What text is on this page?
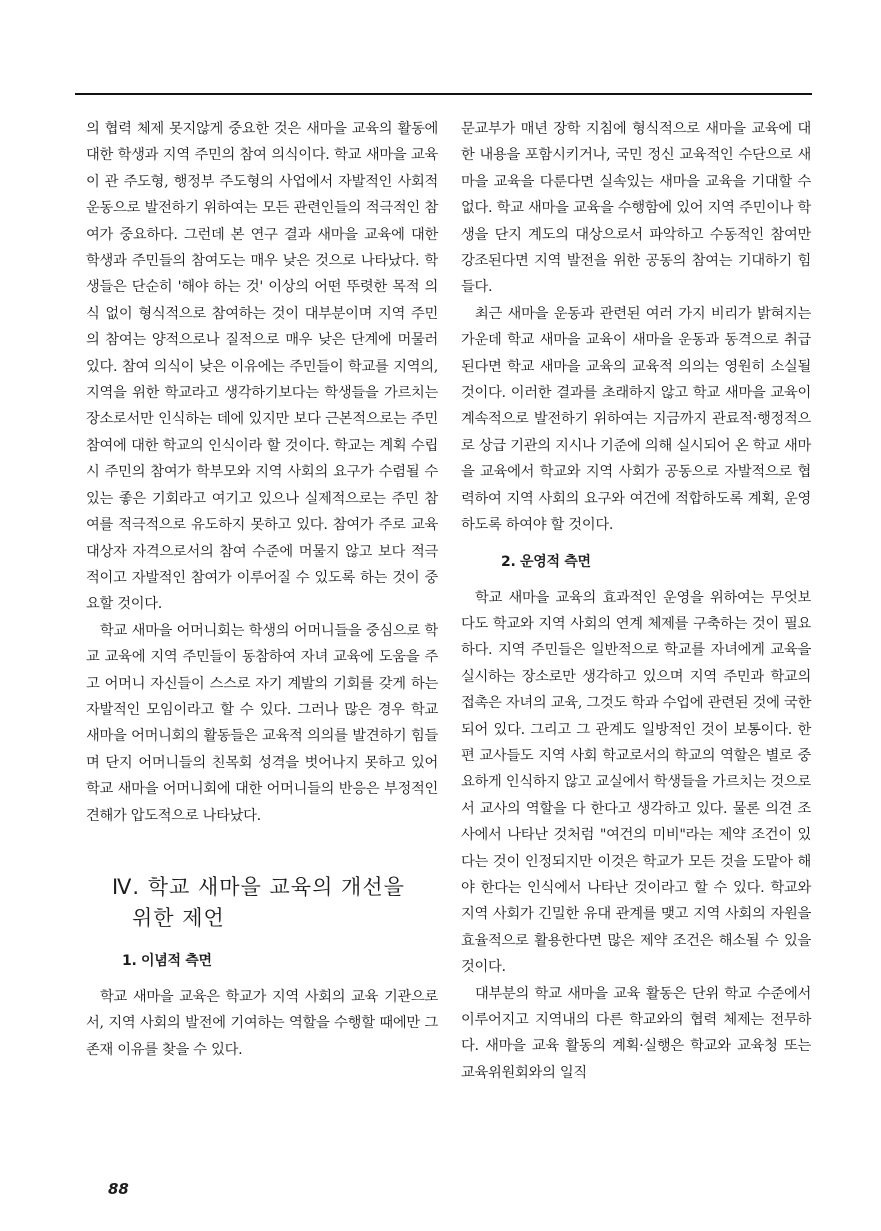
의 협력 체제 못지않게 중요한 것은 새마을 교육의 활동에 대한 학생과 지역 주민의 참여 의식이다. 학교 새마을 교육이 관 주도형, 행정부 주도형의 사업에서 자발적인 사회적 운동으로 발전하기 위하여는 모든 관련인들의 적극적인 참여가 중요하다. 그런데 본 연구 결과 새마을 교육에 대한 학생과 주민들의 참여도는 매우 낮은 것으로 나타났다. 학생들은 단순히 '해야 하는 것' 이상의 어떤 뚜렷한 목적 의식 없이 형식적으로 참여하는 것이 대부분이며 지역 주민의 참여는 양적으로나 질적으로 매우 낮은 단계에 머물러 있다. 참여 의식이 낮은 이유에는 주민들이 학교를 지역의, 지역을 위한 학교라고 생각하기보다는 학생들을 가르치는 장소로서만 인식하는 데에 있지만 보다 근본적으로는 주민 참여에 대한 학교의 인식이라 할 것이다. 학교는 계획 수립시 주민의 참여가 학부모와 지역 사회의 요구가 수렴될 수 있는 좋은 기회라고 여기고 있으나 실제적으로는 주민 참여를 적극적으로 유도하지 못하고 있다. 참여가 주로 교육 대상자 자격으로서의 참여 수준에 머물지 않고 보다 적극적이고 자발적인 참여가 이루어질 수 있도록 하는 것이 중요할 것이다.

학교 새마을 어머니회는 학생의 어머니들을 중심으로 학교 교육에 지역 주민들이 동참하여 자녀 교육에 도움을 주고 어머니 자신들이 스스로 자기 계발의 기회를 갖게 하는 자발적인 모임이라고 할 수 있다. 그러나 많은 경우 학교 새마을 어머니회의 활동들은 교육적 의의를 발견하기 힘들며 단지 어머니들의 친목회 성격을 벗어나지 못하고 있어 학교 새마을 어머니회에 대한 어머니들의 반응은 부정적인 견해가 압도적으로 나타났다.

Ⅳ. 학교 새마을 교육의 개선을
위한 제언
1. 이념적 측면

학교 새마을 교육은 학교가 지역 사회의 교육 기관으로서, 지역 사회의 발전에 기여하는 역할을 수행할 때에만 그 존재 이유를 찾을 수 있다.

문교부가 매년 장학 지침에 형식적으로 새마을 교육에 대한 내용을 포함시키거나, 국민 정신 교육적인 수단으로 새마을 교육을 다룬다면 실속있는 새마을 교육을 기대할 수 없다. 학교 새마을 교육을 수행함에 있어 지역 주민이나 학생을 단지 계도의 대상으로서 파악하고 수동적인 참여만 강조된다면 지역 발전을 위한 공동의 참여는 기대하기 힘들다.

최근 새마을 운동과 관련된 여러 가지 비리가 밝혀지는 가운데 학교 새마을 교육이 새마을 운동과 동격으로 취급된다면 학교 새마을 교육의 교육적 의의는 영원히 소실될 것이다. 이러한 결과를 초래하지 않고 학교 새마을 교육이 계속적으로 발전하기 위하여는 지금까지 관료적·행정적으로 상급 기관의 지시나 기준에 의해 실시되어 온 학교 새마을 교육에서 학교와 지역 사회가 공동으로 자발적으로 협력하여 지역 사회의 요구와 여건에 적합하도록 계획, 운영하도록 하여야 할 것이다.

2. 운영적 측면

학교 새마을 교육의 효과적인 운영을 위하여는 무엇보다도 학교와 지역 사회의 연계 체제를 구축하는 것이 필요하다. 지역 주민들은 일반적으로 학교를 자녀에게 교육을 실시하는 장소로만 생각하고 있으며 지역 주민과 학교의 접촉은 자녀의 교육, 그것도 학과 수업에 관련된 것에 국한되어 있다. 그리고 그 관계도 일방적인 것이 보통이다. 한편 교사들도 지역 사회 학교로서의 학교의 역할은 별로 중요하게 인식하지 않고 교실에서 학생들을 가르치는 것으로서 교사의 역할을 다 한다고 생각하고 있다. 물론 의견 조사에서 나타난 것처럼 "여건의 미비"라는 제약 조건이 있다는 것이 인정되지만 이것은 학교가 모든 것을 도맡아 해야 한다는 인식에서 나타난 것이라고 할 수 있다. 학교와 지역 사회가 긴밀한 유대 관계를 맺고 지역 사회의 자원을 효율적으로 활용한다면 많은 제약 조건은 해소될 수 있을 것이다.

대부분의 학교 새마을 교육 활동은 단위 학교 수준에서 이루어지고 지역내의 다른 학교와의 협력 체제는 전무하다. 새마을 교육 활동의 계획·실행은 학교와 교육청 또는 교육위원회와의 일직

88
